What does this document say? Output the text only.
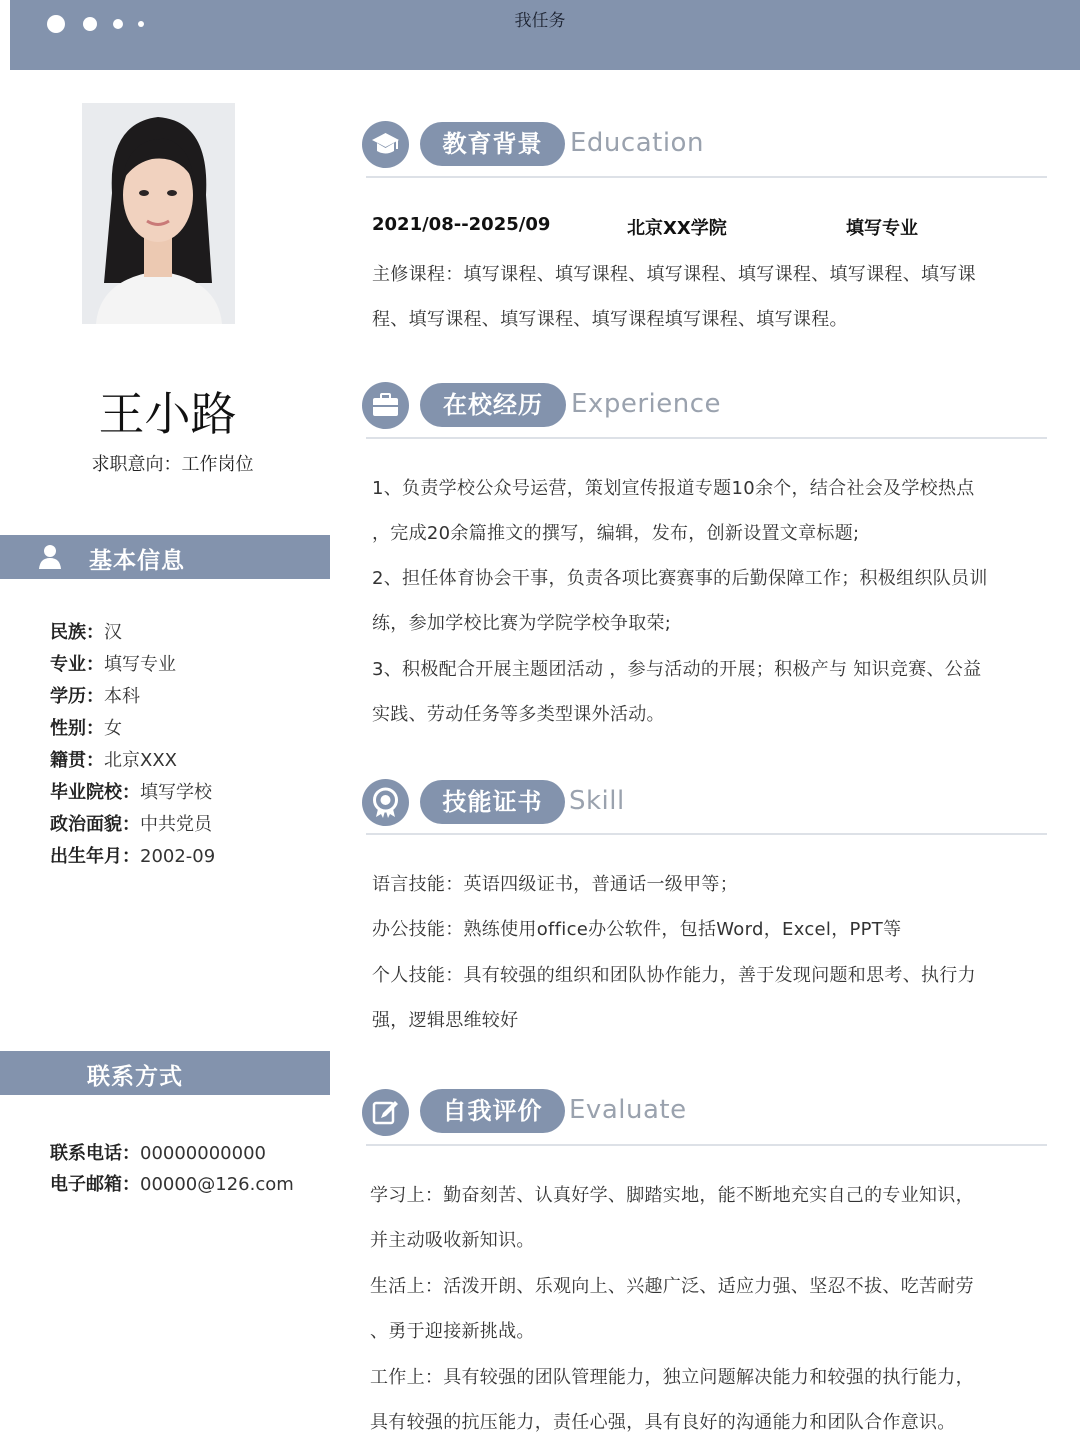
我任务
王小路
求职意向：工作岗位
基本信息
民族：汉
专业：填写专业
学历：本科
性别：女
籍贯：北京XXX
毕业院校：填写学校
政治面貌：中共党员
出生年月：2002-09
联系方式
联系电话：00000000000
电子邮箱：00000@126.com
教育背景	Education
2021/08--2025/09	北京XX学院	填写专业
主修课程：填写课程、填写课程、填写课程、填写课程、填写课程、填写课
程、填写课程、填写课程、填写课程填写课程、填写课程。
在校经历	Experience
1、负责学校公众号运营，策划宣传报道专题10余个，结合社会及学校热点
，完成20余篇推文的撰写，编辑，发布，创新设置文章标题;
2、担任体育协会干事，负责各项比赛赛事的后勤保障工作；积极组织队员训
练，参加学校比赛为学院学校争取荣;
3、积极配合开展主题团活动 ，参与活动的开展；积极产与 知识竞赛、公益
实践、劳动任务等多类型课外活动。
技能证书	Skill
语言技能：英语四级证书，普通话一级甲等；
办公技能：熟练使用office办公软件，包括Word，Excel，PPT等
个人技能：具有较强的组织和团队协作能力，善于发现问题和思考、执行力
强，逻辑思维较好
自我评价	Evaluate
学习上：勤奋刻苦、认真好学、脚踏实地，能不断地充实自己的专业知识，
并主动吸收新知识。
生活上：活泼开朗、乐观向上、兴趣广泛、适应力强、坚忍不拔、吃苦耐劳
、勇于迎接新挑战。
工作上：具有较强的团队管理能力，独立问题解决能力和较强的执行能力，
具有较强的抗压能力，责任心强，具有良好的沟通能力和团队合作意识。
